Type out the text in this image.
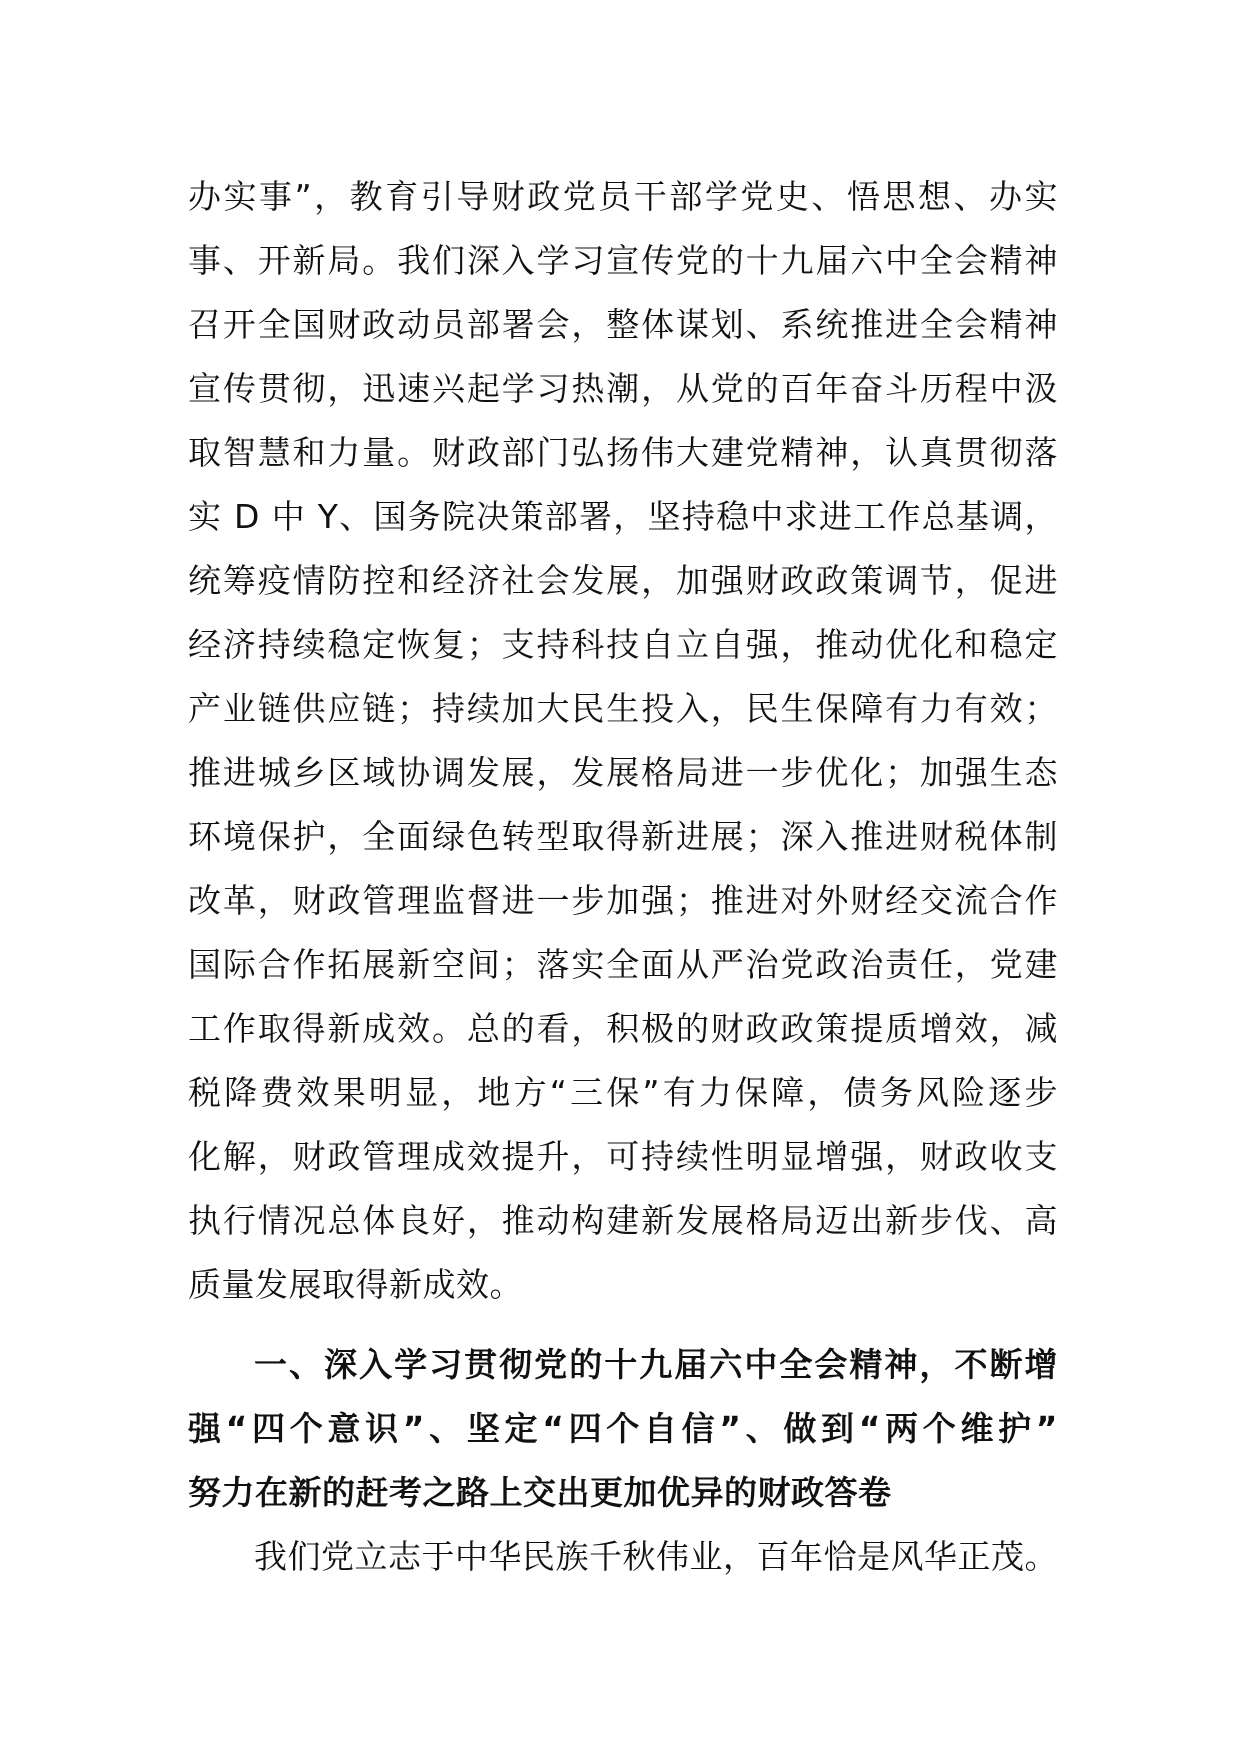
办实事”，教育引导财政党员干部学党史、悟思想、办实
事、开新局。我们深入学习宣传党的十九届六中全会精神
召开全国财政动员部署会，整体谋划、系统推进全会精神
宣传贯彻，迅速兴起学习热潮，从党的百年奋斗历程中汲
取智慧和力量。财政部门弘扬伟大建党精神，认真贯彻落
实 D 中 Y、国务院决策部署，坚持稳中求进工作总基调，
统筹疫情防控和经济社会发展，加强财政政策调节，促进
经济持续稳定恢复；支持科技自立自强，推动优化和稳定
产业链供应链；持续加大民生投入，民生保障有力有效；
推进城乡区域协调发展，发展格局进一步优化；加强生态
环境保护，全面绿色转型取得新进展；深入推进财税体制
改革，财政管理监督进一步加强；推进对外财经交流合作
国际合作拓展新空间；落实全面从严治党政治责任，党建
工作取得新成效。总的看，积极的财政政策提质增效，减
税降费效果明显，地方“三保”有力保障，债务风险逐步
化解，财政管理成效提升，可持续性明显增强，财政收支
执行情况总体良好，推动构建新发展格局迈出新步伐、高
质量发展取得新成效。
一、深入学习贯彻党的十九届六中全会精神，不断增
强“四个意识”、坚定“四个自信”、做到“两个维护”
努力在新的赶考之路上交出更加优异的财政答卷
我们党立志于中华民族千秋伟业，百年恰是风华正茂。
